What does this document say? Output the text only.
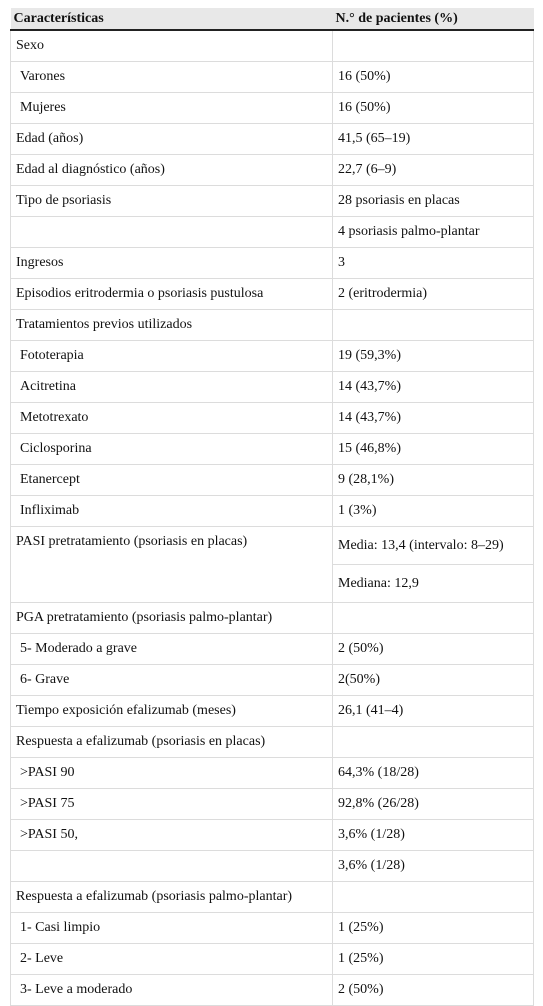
Características	N.° de pacientes (%)
Sexo	
Varones	16 (50%)
Mujeres	16 (50%)
Edad (años)	41,5 (65–19)
Edad al diagnóstico (años)	22,7 (6–9)
Tipo de psoriasis	28 psoriasis en placas
	4 psoriasis palmo-plantar
Ingresos	3
Episodios eritrodermia o psoriasis pustulosa	2 (eritrodermia)
Tratamientos previos utilizados	
Fototerapia	19 (59,3%)
Acitretina	14 (43,7%)
Metotrexato	14 (43,7%)
Ciclosporina	15 (46,8%)
Etanercept	9 (28,1%)
Infliximab	1 (3%)
PASI pretratamiento (psoriasis en placas)	Media: 13,4 (intervalo: 8–29)
	Mediana: 12,9
PGA pretratamiento (psoriasis palmo-plantar)	
5- Moderado a grave	2 (50%)
6- Grave	2(50%)
Tiempo exposición efalizumab (meses)	26,1 (41–4)
Respuesta a efalizumab (psoriasis en placas)	
>PASI 90	64,3% (18/28)
>PASI 75	92,8% (26/28)
>PASI 50,	3,6% (1/28)
	3,6% (1/28)
Respuesta a efalizumab (psoriasis palmo-plantar)	
1- Casi limpio	1 (25%)
2- Leve	1 (25%)
3- Leve a moderado	2 (50%)
